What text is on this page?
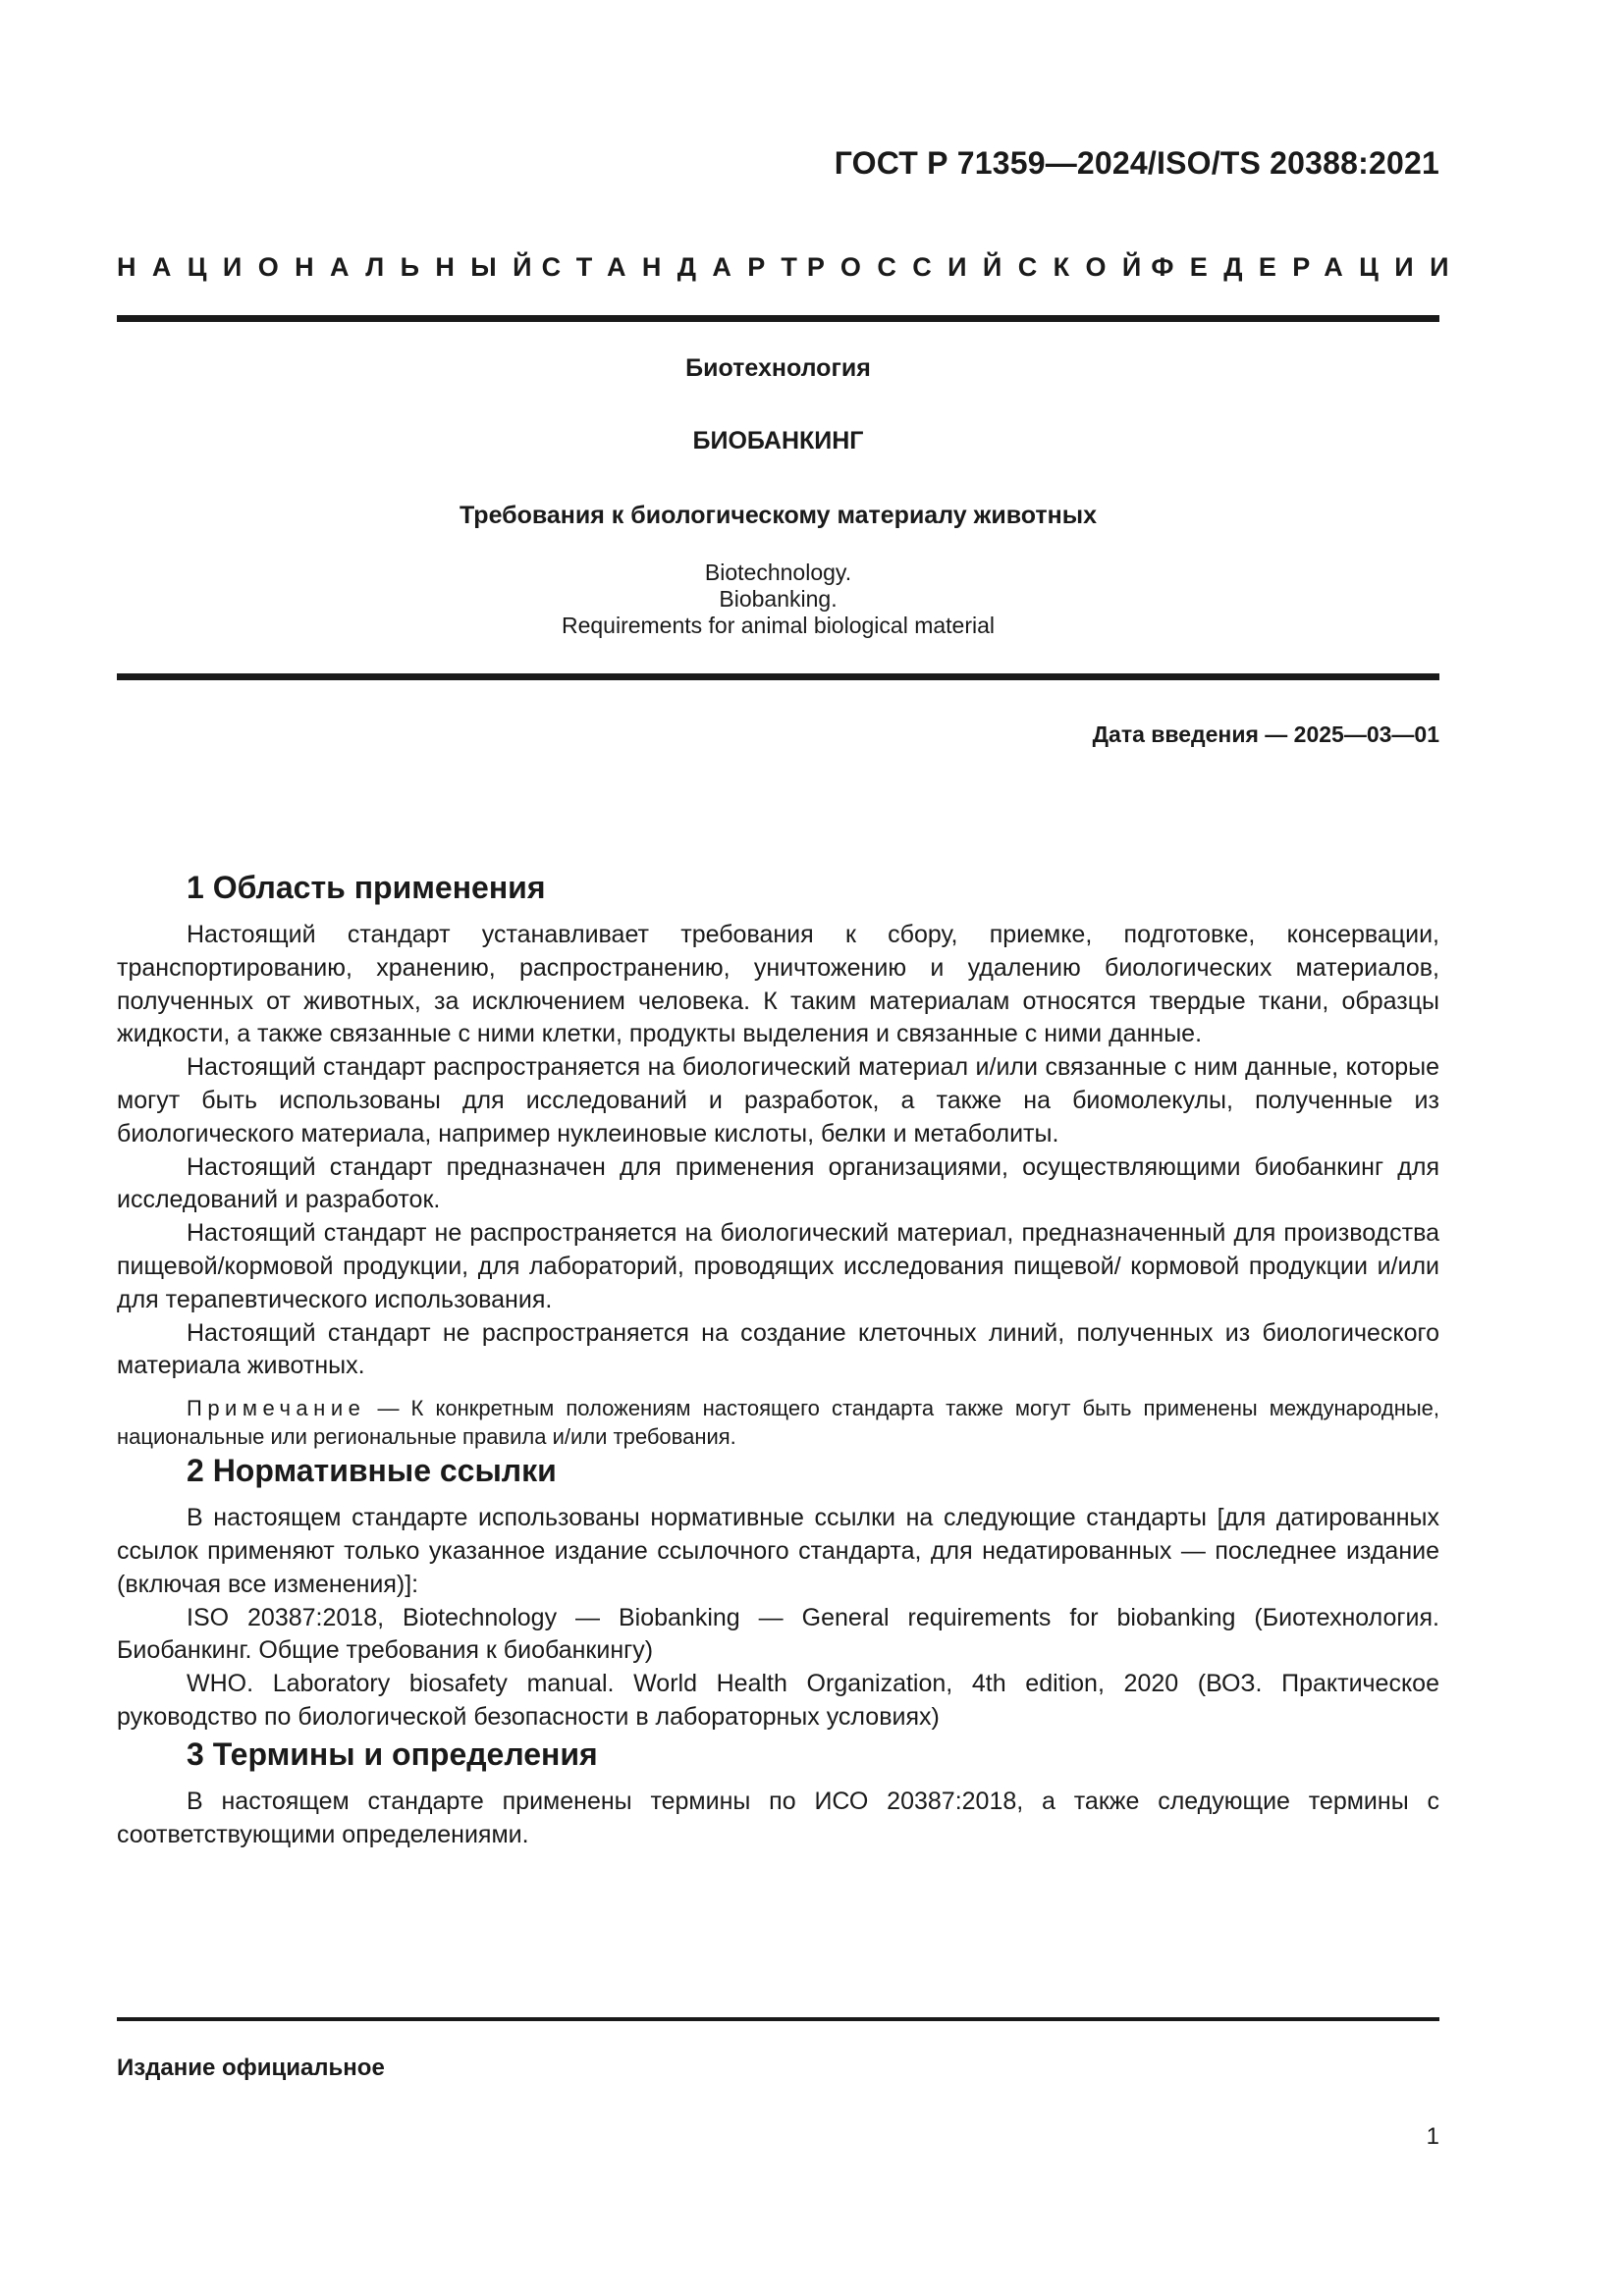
ГОСТ Р 71359—2024/ISO/TS 20388:2021
НАЦИОНАЛЬНЫЙ
СТАНДАРТ
РОССИЙСКОЙ
ФЕДЕРАЦИИ
Биотехнология
БИОБАНКИНГ
Требования к биологическому материалу животных
Biotechnology.
Biobanking.
Requirements for animal biological material
Дата введения — 2025—03—01
1 Область применения

Настоящий стандарт устанавливает требования к сбору, приемке, подготовке, консервации, транспортированию, хранению, распространению, уничтожению и удалению биологических материалов, полученных от животных, за исключением человека. К таким материалам относятся твердые ткани, образцы жидкости, а также связанные с ними клетки, продукты выделения и связанные с ними данные.

Настоящий стандарт распространяется на биологический материал и/или связанные с ним данные, которые могут быть использованы для исследований и разработок, а также на биомолекулы, полученные из биологического материала, например нуклеиновые кислоты, белки и метаболиты.

Настоящий стандарт предназначен для применения организациями, осуществляющими биобанкинг для исследований и разработок.

Настоящий стандарт не распространяется на биологический материал, предназначенный для производства пищевой/кормовой продукции, для лабораторий, проводящих исследования пищевой/ кормовой продукции и/или для терапевтического использования.

Настоящий стандарт не распространяется на создание клеточных линий, полученных из биологического материала животных.

Примечание — К конкретным положениям настоящего стандарта также могут быть применены международные, национальные или региональные правила и/или требования.

2 Нормативные ссылки

В настоящем стандарте использованы нормативные ссылки на следующие стандарты [для датированных ссылок применяют только указанное издание ссылочного стандарта, для недатированных — последнее издание (включая все изменения)]:

ISO 20387:2018, Biotechnology — Biobanking — General requirements for biobanking (Биотехнология. Биобанкинг. Общие требования к биобанкингу)

WHO. Laboratory biosafety manual. World Health Organization, 4th edition, 2020 (ВОЗ. Практическое руководство по биологической безопасности в лабораторных условиях)

3 Термины и определения

В настоящем стандарте применены термины по ИСО 20387:2018, а также следующие термины с соответствующими определениями.

Издание официальное
1
